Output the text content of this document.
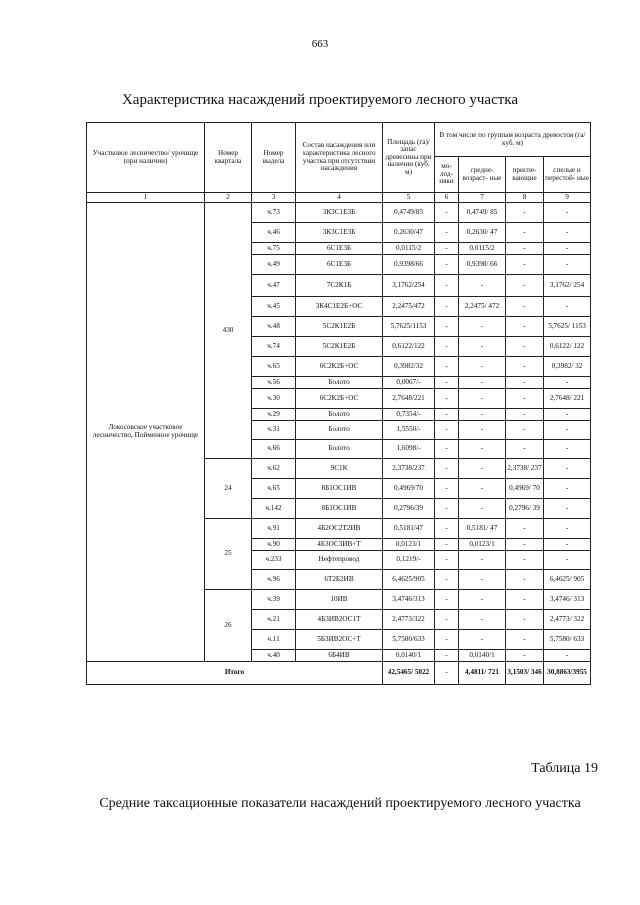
663
Характеристика насаждений проектируемого лесного участка
Участковое лесничество/ урочище (при наличии)	Номер квартала	Номер выдела	Состав насаждения или характеристика лесного участка при отсутствии насаждения	Площадь (га)/запас древесины при наличии (куб. м)	В том числе по группам возраста древостоя (га/куб. м)			
					мо- лод- няки	средне- возраст- ные	приспе- вающие	спелые и перестой- ные
1	2	3	4	5	6	7	8	9
Локосовское участковое лесничество, Пойменное урочище	430	ч.73	3К3С1Е3Б	0,4749/85	-	0,4749/ 85	-	-
		ч.46	3К3С1Е3Б	0,2630/47	-	0,2630/ 47	-	-
		ч.75	6С1Е3Б	0,0115/2	-	0,0115/2	-	-
		ч.49	6С1Е3Б	0,9398/66	-	0,9398/ 66	-	-
		ч.47	7С2К1Б	3,1762/254	-	-	-	3,1762/ 254
		ч.45	3К4С1Е2Б+ОС	2,2475/472	-	2,2475/ 472	-	-
		ч.48	5С2К1Е2Б	5,7625/1153	-	-	-	5,7625/ 1153
		ч.74	5С2К1Е2Б	0,6122/122	-	-	-	0,6122/ 122
		ч.65	6С2К2Б+ОС	0,3982/32	-	-	-	0,3982/ 32
		ч.56	Болото	0,0067/-	-	-	-	-
		ч.30	6С2К2Б+ОС	2,7648/221	-	-	-	2,7648/ 221
		ч.29	Болото	0,7354/-	-	-	-	-
		ч.31	Болото	1,5550/-	-	-	-	-
		ч.66	Болото	1,6098/-	-	-	-	-
	24	ч.62	9С1К	2,3738/237	-	-	2,3738/ 237	-
		ч.65	8Б1ОС1ИВ	0,4969/70	-	-	0,4969/ 70	-
		ч.142	8Б1ОС1ИВ	0,2796/39	-	-	0,2796/ 39	-
	25	ч.91	4Б2ОС2Т2ИВ	0,5181/47	-	0,5181/ 47	-	-
		ч.90	4Б3ОС3ИВ+Т	0,0123/1	-	0,0123/1	-	-
		ч.233	Нефтепровод	0,1219/-	-	-	-	-
		ч.96	6Т2Б2ИВ	6,4625/905	-	-	-	6,4625/ 905
	26	ч.39	10ИВ	3,4746/313	-	-	-	3,4746/ 313
		ч.21	4Б3ИВ2ОС1Т	2,4773/322	-	-	-	2,4773/ 322
		ч.11	5Б3ИВ2ОС+Т	5,7580/633	-	-	-	5,7580/ 633
		ч.40	6Б4ИВ	0,0140/1	-	0,0140/1	-	-
Итого				42,5465/ 5022	-	4,4811/ 721	3,1503/ 346	30,8863/3955
Таблица 19
Средние таксационные показатели насаждений проектируемого лесного участка
